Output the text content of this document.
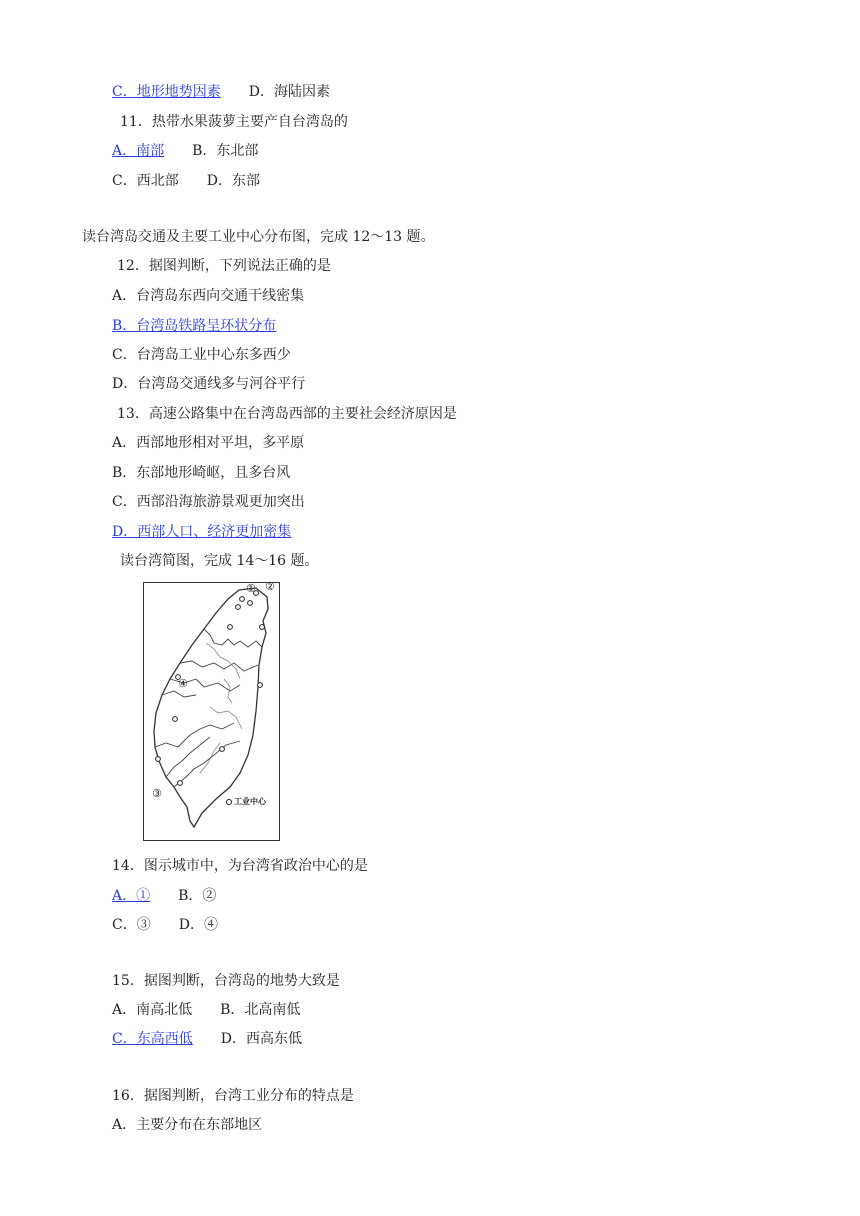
C．地形地势因素 D．海陆因素
11．热带水果菠萝主要产自台湾岛的
A．南部 B．东北部
C．西北部 D．东部
读台湾岛交通及主要工业中心分布图，完成 12～13 题。
12．据图判断，下列说法正确的是
A．台湾岛东西向交通干线密集
B．台湾岛铁路呈环状分布
C．台湾岛工业中心东多西少
D．台湾岛交通线多与河谷平行
13．高速公路集中在台湾岛西部的主要社会经济原因是
A．西部地形相对平坦，多平原
B．东部地形崎岖，且多台风
C．西部沿海旅游景观更加突出
D．西部人口、经济更加密集
读台湾简图，完成 14～16 题。
① ②
③
④
工业中心
14．图示城市中，为台湾省政治中心的是
A．① B．②
C．③ D．④
15．据图判断，台湾岛的地势大致是
A．南高北低 B．北高南低
C．东高西低 D．西高东低
16．据图判断，台湾工业分布的特点是
A．主要分布在东部地区
